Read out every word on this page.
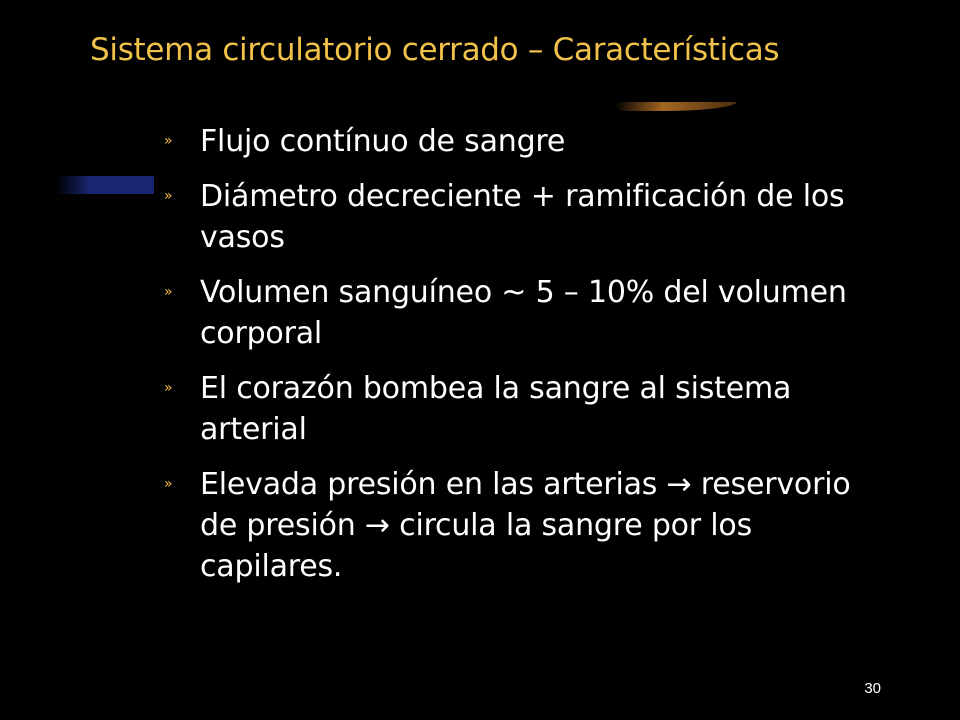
Sistema circulatorio cerrado – Características
» Flujo contínuo de sangre
» Diámetro decreciente + ramificación de los vasos
» Volumen sanguíneo ~ 5 – 10% del volumen corporal
» El corazón bombea la sangre al sistema arterial
» Elevada presión en las arterias → reservorio de presión → circula la sangre por los capilares.
30
